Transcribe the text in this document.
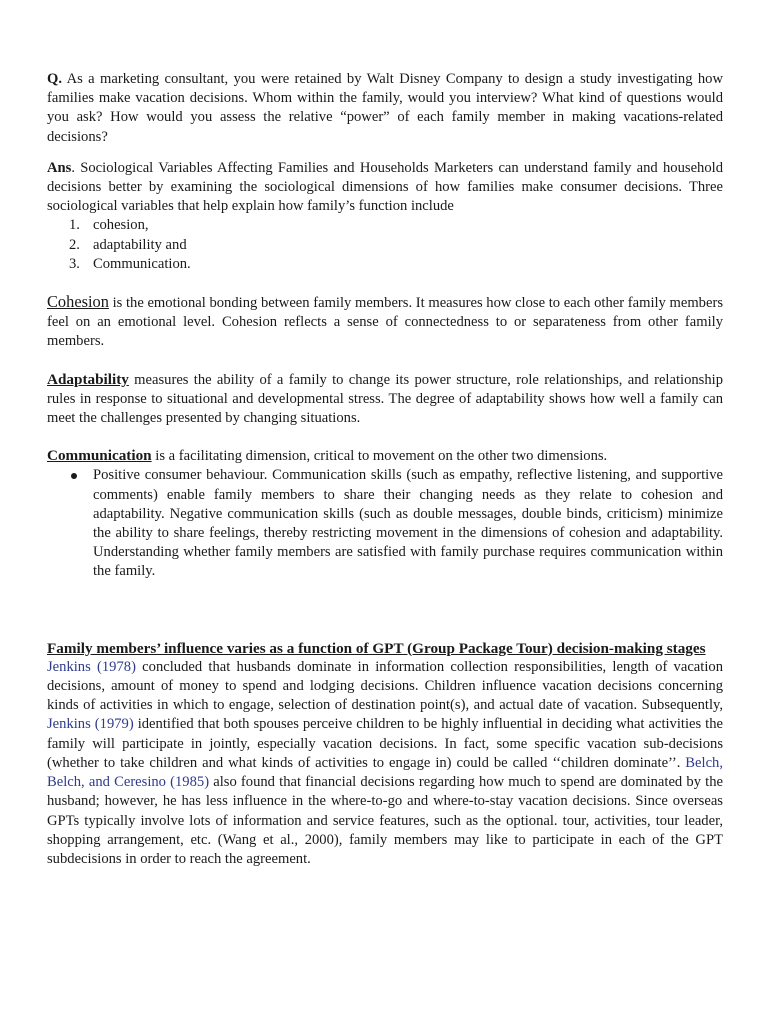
Q. As a marketing consultant, you were retained by Walt Disney Company to design a study investigating how families make vacation decisions. Whom within the family, would you interview? What kind of questions would you ask? How would you assess the relative “power” of each family member in making vacations-related decisions?

Ans. Sociological Variables Affecting Families and Households Marketers can understand family and household decisions better by examining the sociological dimensions of how families make consumer decisions. Three sociological variables that help explain how family’s function include

1. cohesion,
2. adaptability and
3. Communication.

Cohesion is the emotional bonding between family members. It measures how close to each other family members feel on an emotional level. Cohesion reflects a sense of connectedness to or separateness from other family members.

Adaptability measures the ability of a family to change its power structure, role relationships, and relationship rules in response to situational and developmental stress. The degree of adaptability shows how well a family can meet the challenges presented by changing situations.

Communication is a facilitating dimension, critical to movement on the other two dimensions.

Positive consumer behaviour. Communication skills (such as empathy, reflective listening, and supportive comments) enable family members to share their changing needs as they relate to cohesion and adaptability. Negative communication skills (such as double messages, double binds, criticism) minimize the ability to share feelings, thereby restricting movement in the dimensions of cohesion and adaptability. Understanding whether family members are satisfied with family purchase requires communication within the family.

Family members’ influence varies as a function of GPT (Group Package Tour) decision-making stages

Jenkins (1978) concluded that husbands dominate in information collection responsibilities, length of vacation decisions, amount of money to spend and lodging decisions. Children influence vacation decisions concerning kinds of activities in which to engage, selection of destination point(s), and actual date of vacation. Subsequently, Jenkins (1979) identified that both spouses perceive children to be highly influential in deciding what activities the family will participate in jointly, especially vacation decisions. In fact, some specific vacation sub-decisions (whether to take children and what kinds of activities to engage in) could be called ‘‘children dominate’’. Belch, Belch, and Ceresino (1985) also found that financial decisions regarding how much to spend are dominated by the husband; however, he has less influence in the where-to-go and where-to-stay vacation decisions. Since overseas GPTs typically involve lots of information and service features, such as the optional. tour, activities, tour leader, shopping arrangement, etc. (Wang et al., 2000), family members may like to participate in each of the GPT subdecisions in order to reach the agreement.
